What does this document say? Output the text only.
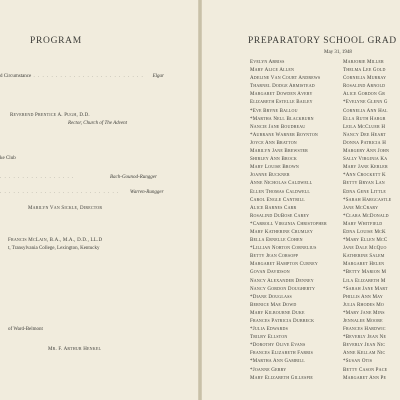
PROGRAM
d Circumstance . . . . . . . . . . . . . . . . . . . . . . . . . Elgar
Reverend Prentice A. Pugh, D.D.
Rector, Church of The Advent
ke Club
. . . . . . . . . . . . . . . . .	Bach-Gounod-Rungger
. . . . . . . . . . . . . . . . . . . . . . . . . . . Warren-Rungger
Marilyn Van Sickle, Director
Francis McLain, B.A., M.A., D.D., LL.D
t, Transylvania College, Lexington, Kentucky
of Ward-Belmont
Mr. F. Arthur Henkel
PREPARATORY SCHOOL GRAD
May 31, 1948
Evelyn Abbiss
Mary Alice Allen
Adeline Van Court Andrews
Tharnel Dodge Armistead
Margaret Dowden Avery
Elizabeth Estelle Bailey
*Eve Bryne Ballou
*Martha Nell Blackburn
Nancie Jane Boudreau
*Aubrane Warner Boynton
Joyce Ann Bratton
Marilyn Jane Brewster
Shirley Ann Brock
Mary Louise Brown
Joanne Buckner
Anne Nicholas Caldwell
Ellen Thomas Caldwell
Carol Engle Cantrill
Alice Barnes Carr
Rosalind DuBose Carey
*Carroll Virginia Christopher
Mary Katherine Crumley
Bella Ernelle Cohen
*Lillian Norton Cornelius
Betty Jean Corsopp
Margaret Hampton Curney
Govan Davidson
Nancy Alexander Denney
Nancy Gordon Dougherty
*Diane Douglass
Bernice Mae Dowd
Mary Kilbourne Duke
Frances Patricia Dubbeck
*Julia Edwards
Trilby Ellston
*Dorothy Olive Evans
Frances Elizabeth Farris
*Martha Ann Gambill
*Joanne Gerry
Mary Elizabeth Gillespie
Marjorie Miller
Thelma Lee Gold
Cornelia Murray
Rosalind Arnold
Alice Gordon Gr
*Evelyne Glenn G
Cornelia Ann Hal
Ella Ruth Hargr
Leila McCluer H
Nancy Dee Heart
Donna Patricia H
Margery Ann John
Sally Virginia Ka
Mary Jane Kerler
*Ann Crockett K
Betty Bryan Lan
Edna Gene Little
*Sarah Hargcastle
Jane McCrary
*Clara McDonald
Mary Whitfield
Edna Louise McK
*Mary Ellen McC
Jane Dale McQuo
Katherine Salem
Margaret Helen
*Betty Marion M
Lila Elizabeth M
*Sarah Jane Mart
Phillis Ann May
Julia Rhodes Mo
*Mary Jane Mins
Jennalee Moore
Frances Hardwic
*Beverly Jean Ne
Beverly Jean Nic
Anne Kellam Nic
*Susan Otis
Betty Cason Pace
Margaret Ann Pe
